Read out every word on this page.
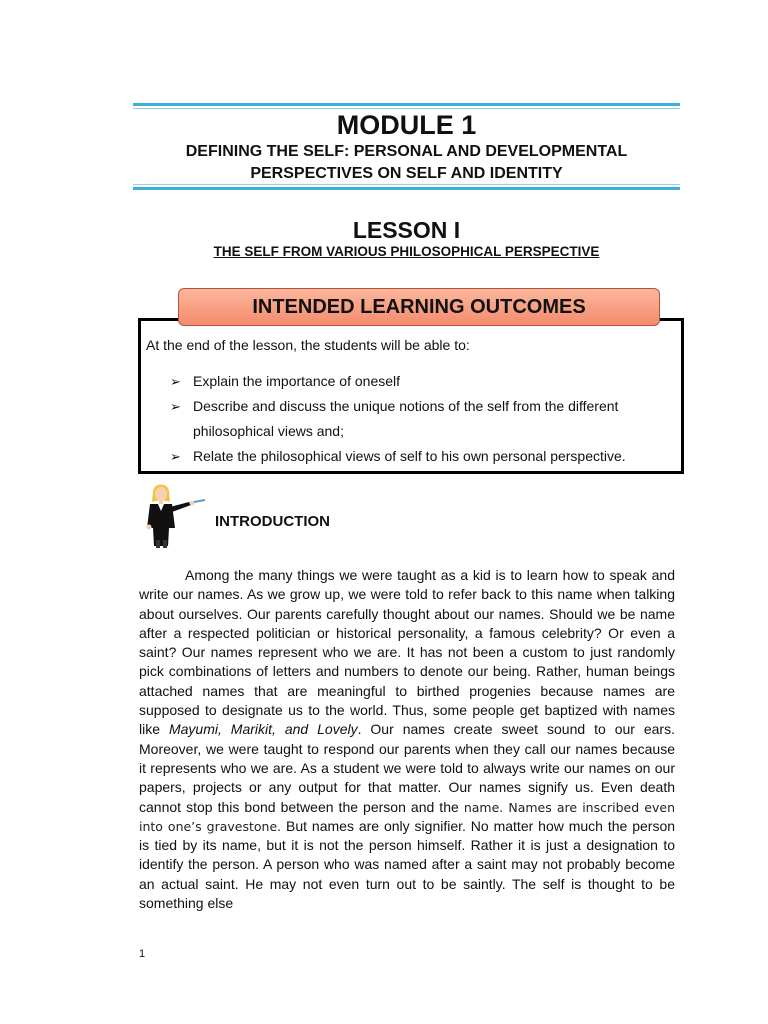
MODULE 1
DEFINING THE SELF: PERSONAL AND DEVELOPMENTAL
PERSPECTIVES ON SELF AND IDENTITY
LESSON I
THE SELF FROM VARIOUS PHILOSOPHICAL PERSPECTIVE
INTENDED LEARNING OUTCOMES
At the end of the lesson, the students will be able to:
➢ Explain the importance of oneself
➢ Describe and discuss the unique notions of the self from the different philosophical views and;
➢ Relate the philosophical views of self to his own personal perspective.
INTRODUCTION

Among the many things we were taught as a kid is to learn how to speak and write our names. As we grow up, we were told to refer back to this name when talking about ourselves. Our parents carefully thought about our names. Should we be name after a respected politician or historical personality, a famous celebrity? Or even a saint? Our names represent who we are. It has not been a custom to just randomly pick combinations of letters and numbers to denote our being. Rather, human beings attached names that are meaningful to birthed progenies because names are supposed to designate us to the world. Thus, some people get baptized with names like Mayumi, Marikit, and Lovely. Our names create sweet sound to our ears. Moreover, we were taught to respond our parents when they call our names because it represents who we are. As a student we were told to always write our names on our papers, projects or any output for that matter. Our names signify us. Even death cannot stop this bond between the person and the name. Names are inscribed even into one’s gravestone. But names are only signifier. No matter how much the person is tied by its name, but it is not the person himself. Rather it is just a designation to identify the person. A person who was named after a saint may not probably become an actual saint. He may not even turn out to be saintly. The self is thought to be something else

1
